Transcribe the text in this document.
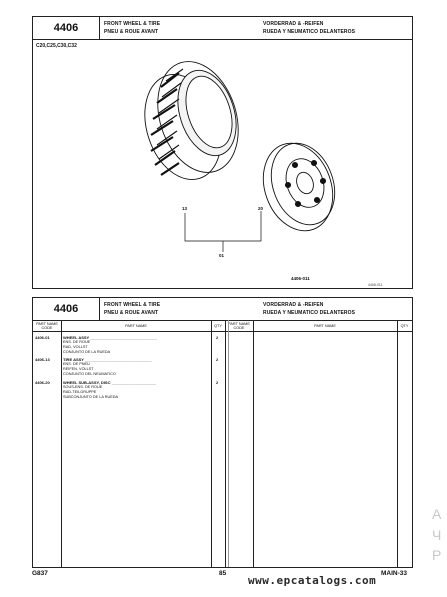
4406	FRONT WHEEL & TIRE
PNEU & ROUE AVANT
VORDERRAD & -REIFEN
RUEDA Y NEUMATICO DELANTEROS
C20,C25,C30,C32
13	20
01
4406-011
4406-011
4406	FRONT WHEEL & TIRE
PNEU & ROUE AVANT
VORDERRAD & -REIFEN
RUEDA Y NEUMATICO DELANTEROS
PART NAME CODE	PART NAME	QTY	PART NAME CODE	PART NAME	QTY
4406-01	WHEEL ASSY ______________________________	2
ENS. DE ROUE
RAD, VOLLST
CONJUNTO DE LA RUEDA
4406-13	TIRE ASSY ______________________________	2
ENS. DE PNEU
REIFEN, VOLLST
CONJUNTO DEL NEUMATICO
4406-20	WHEEL SUB-ASSY, DISC ____________________	2
SOUS-ENS. DE ROUE
RAD-TEILGRUPPE
SUBCONJUNTO DE LA RUEDA
G837	85	MAIN-33
www.epcatalogs.com
А
Ч
Р
